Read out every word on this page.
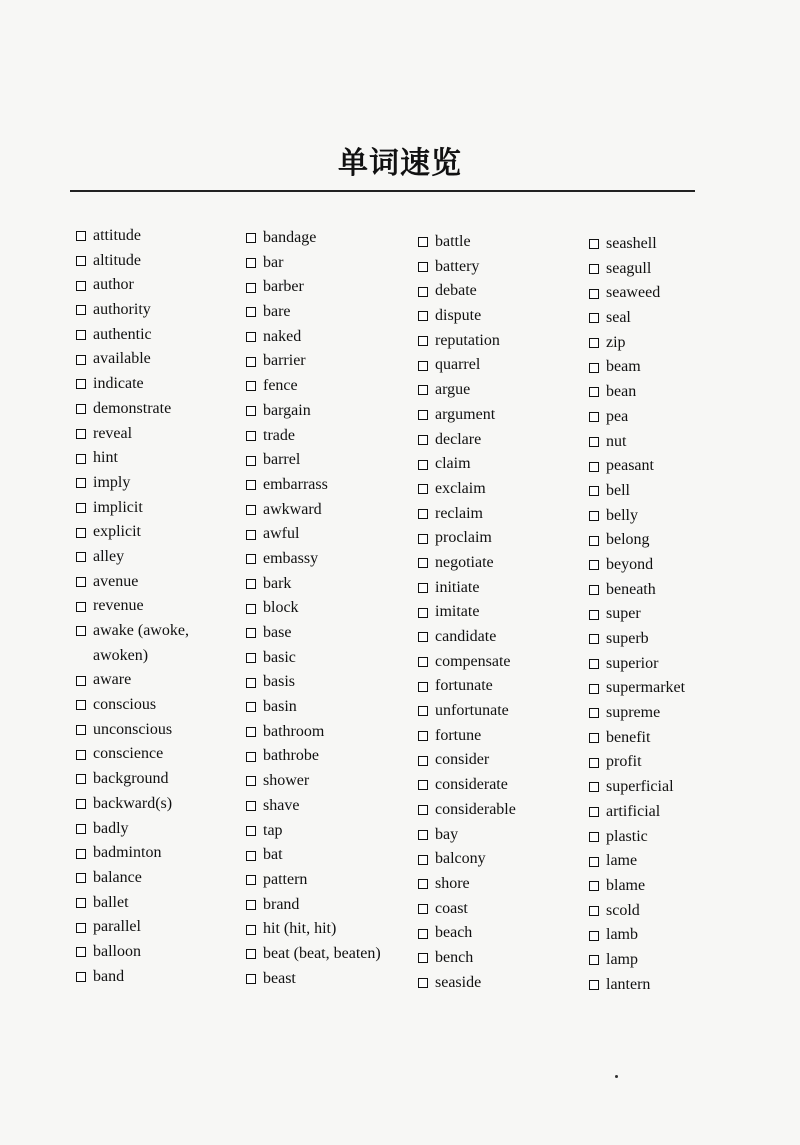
单词速览
attitude
altitude
author
authority
authentic
available
indicate
demonstrate
reveal
hint
imply
implicit
explicit
alley
avenue
revenue
awake (awoke,
awoken)
aware
conscious
unconscious
conscience
background
backward(s)
badly
badminton
balance
ballet
parallel
balloon
band
bandage
bar
barber
bare
naked
barrier
fence
bargain
trade
barrel
embarrass
awkward
awful
embassy
bark
block
base
basic
basis
basin
bathroom
bathrobe
shower
shave
tap
bat
pattern
brand
hit (hit, hit)
beat (beat, beaten)
beast
battle
battery
debate
dispute
reputation
quarrel
argue
argument
declare
claim
exclaim
reclaim
proclaim
negotiate
initiate
imitate
candidate
compensate
fortunate
unfortunate
fortune
consider
considerate
considerable
bay
balcony
shore
coast
beach
bench
seaside
seashell
seagull
seaweed
seal
zip
beam
bean
pea
nut
peasant
bell
belly
belong
beyond
beneath
super
superb
superior
supermarket
supreme
benefit
profit
superficial
artificial
plastic
lame
blame
scold
lamb
lamp
lantern
